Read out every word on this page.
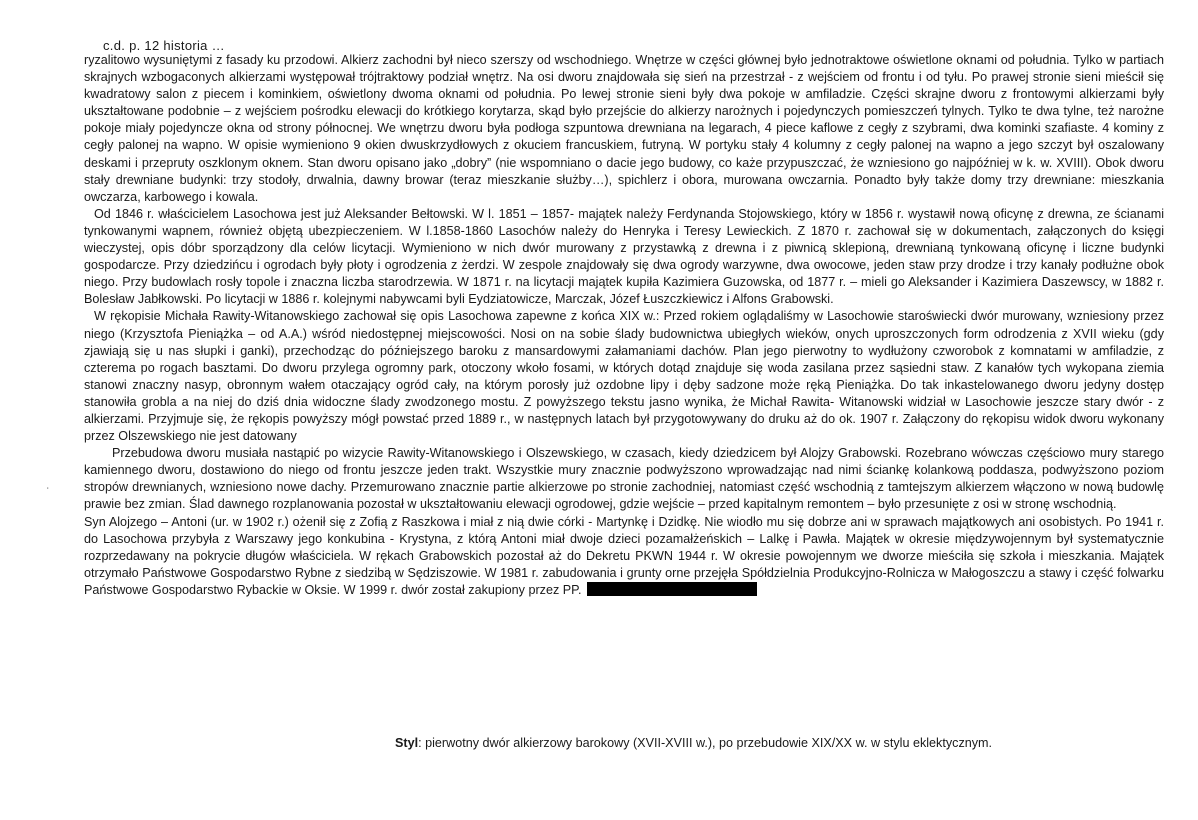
c.d. p. 12 historia …
ˌ

ryzalitowo wysuniętymi z fasady ku przodowi. Alkierz zachodni był nieco szerszy od wschodniego. Wnętrze w części głównej było jednotraktowe oświetlone oknami od południa. Tylko w partiach skrajnych wzbogaconych alkierzami występował trójtraktowy podział wnętrz. Na osi dworu znajdowała się sień na przestrzał - z wejściem od frontu i od tyłu. Po prawej stronie sieni mieścił się kwadratowy salon z piecem i kominkiem, oświetlony dwoma oknami od południa. Po lewej stronie sieni były dwa pokoje w amfiladzie. Części skrajne dworu z frontowymi alkierzami były ukształtowane podobnie – z wejściem pośrodku elewacji do krótkiego korytarza, skąd było przejście do alkierzy narożnych i pojedynczych pomieszczeń tylnych. Tylko te dwa tylne, też narożne pokoje miały pojedyncze okna od strony północnej. We wnętrzu dworu była podłoga szpuntowa drewniana na legarach, 4 piece kaflowe z cegły z szybrami, dwa kominki szafiaste. 4 kominy z cegły palonej na wapno. W opisie wymieniono 9 okien dwuskrzydłowych z okuciem francuskiem, futryną. W portyku stały 4 kolumny z cegły palonej na wapno a jego szczyt był oszalowany deskami i przepruty oszklonym oknem. Stan dworu opisano jako „dobry” (nie wspomniano o dacie jego budowy, co każe przypuszczać, że wzniesiono go najpóźniej w k. w. XVIII). Obok dworu stały drewniane budynki: trzy stodoły, drwalnia, dawny browar (teraz mieszkanie służby…), spichlerz i obora, murowana owczarnia. Ponadto były także domy trzy drewniane: mieszkania owczarza, karbowego i kowala.

Od 1846 r. właścicielem Lasochowa jest już Aleksander Bełtowski. W l. 1851 – 1857- majątek należy Ferdynanda Stojowskiego, który w 1856 r. wystawił nową oficynę z drewna, ze ścianami tynkowanymi wapnem, również objętą ubezpieczeniem. W l.1858-1860 Lasochów należy do Henryka i Teresy Lewieckich. Z 1870 r. zachował się w dokumentach, załączonych do księgi wieczystej, opis dóbr sporządzony dla celów licytacji. Wymieniono w nich dwór murowany z przystawką z drewna i z piwnicą sklepioną, drewnianą tynkowaną oficynę i liczne budynki gospodarcze. Przy dziedzińcu i ogrodach były płoty i ogrodzenia z żerdzi. W zespole znajdowały się dwa ogrody warzywne, dwa owocowe, jeden staw przy drodze i trzy kanały podłużne obok niego. Przy budowlach rosły topole i znaczna liczba starodrzewia. W 1871 r. na licytacji majątek kupiła Kazimiera Guzowska, od 1877 r. – mieli go Aleksander i Kazimiera Daszewscy, w 1882 r. Bolesław Jabłkowski. Po licytacji w 1886 r. kolejnymi nabywcami byli Eydziatowicze, Marczak, Józef Łuszczkiewicz i Alfons Grabowski.

W rękopisie Michała Rawity-Witanowskiego zachował się opis Lasochowa zapewne z końca XIX w.: Przed rokiem oglądaliśmy w Lasochowie staroświecki dwór murowany, wzniesiony przez niego (Krzysztofa Pieniążka – od A.A.) wśród niedostępnej miejscowości. Nosi on na sobie ślady budownictwa ubiegłych wieków, onych uproszczonych form odrodzenia z XVII wieku (gdy zjawiają się u nas słupki i ganki), przechodząc do późniejszego baroku z mansardowymi załamaniami dachów. Plan jego pierwotny to wydłużony czworobok z komnatami w amfiladzie, z czterema po rogach basztami. Do dworu przylega ogromny park, otoczony wkoło fosami, w których dotąd znajduje się woda zasilana przez sąsiedni staw. Z kanałów tych wykopana ziemia stanowi znaczny nasyp, obronnym wałem otaczający ogród cały, na którym porosły już ozdobne lipy i dęby sadzone może ręką Pieniążka. Do tak inkastelowanego dworu jedyny dostęp stanowiła grobla a na niej do dziś dnia widoczne ślady zwodzonego mostu. Z powyższego tekstu jasno wynika, że Michał Rawita- Witanowski widział w Lasochowie jeszcze stary dwór - z alkierzami. Przyjmuje się, że rękopis powyższy mógł powstać przed 1889 r., w następnych latach był przygotowywany do druku aż do ok. 1907 r. Załączony do rękopisu widok dworu wykonany przez Olszewskiego nie jest datowany

Przebudowa dworu musiała nastąpić po wizycie Rawity-Witanowskiego i Olszewskiego, w czasach, kiedy dziedzicem był Alojzy Grabowski. Rozebrano wówczas częściowo mury starego kamiennego dworu, dostawiono do niego od frontu jeszcze jeden trakt. Wszystkie mury znacznie podwyższono wprowadzając nad nimi ściankę kolankową poddasza, podwyższono poziom stropów drewnianych, wzniesiono nowe dachy. Przemurowano znacznie partie alkierzowe po stronie zachodniej, natomiast część wschodnią z tamtejszym alkierzem włączono w nową budowlę prawie bez zmian. Ślad dawnego rozplanowania pozostał w ukształtowaniu elewacji ogrodowej, gdzie wejście – przed kapitalnym remontem – było przesunięte z osi w stronę wschodnią.

Syn Alojzego – Antoni (ur. w 1902 r.) ożenił się z Zofią z Raszkowa i miał z nią dwie córki - Martynkę i Dzidkę. Nie wiodło mu się dobrze ani w sprawach majątkowych ani osobistych. Po 1941 r. do Lasochowa przybyła z Warszawy jego konkubina - Krystyna, z którą Antoni miał dwoje dzieci pozamałżeńskich – Lalkę i Pawła. Majątek w okresie międzywojennym był systematycznie rozprzedawany na pokrycie długów właściciela. W rękach Grabowskich pozostał aż do Dekretu PKWN 1944 r. W okresie powojennym we dworze mieściła się szkoła i mieszkania. Majątek otrzymało Państwowe Gospodarstwo Rybne z siedzibą w Sędziszowie. W 1981 r. zabudowania i grunty orne przejęła Spółdzielnia Produkcyjno-Rolnicza w Małogoszczu a stawy i część folwarku Państwowe Gospodarstwo Rybackie w Oksie. W 1999 r. dwór został zakupiony przez PP.

Styl: pierwotny dwór alkierzowy barokowy (XVII-XVIII w.), po przebudowie XIX/XX w. w stylu eklektycznym.
